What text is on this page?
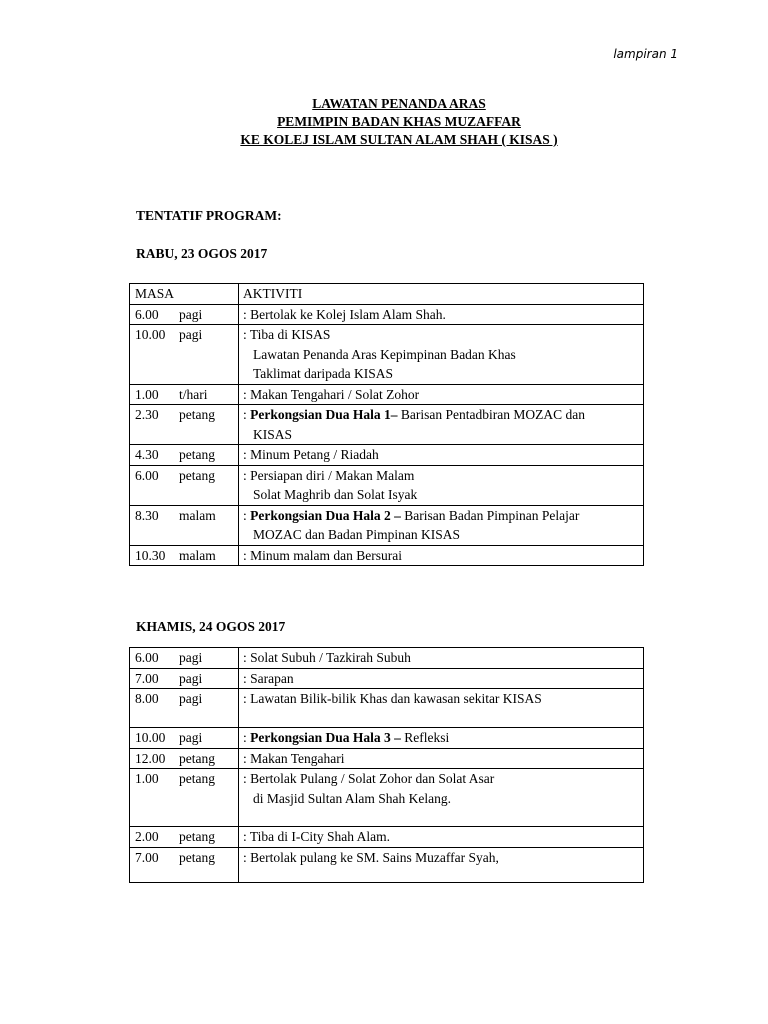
lampiran 1
LAWATAN PENANDA ARAS
PEMIMPIN BADAN KHAS MUZAFFAR
KE KOLEJ ISLAM SULTAN ALAM SHAH ( KISAS )
TENTATIF PROGRAM:
RABU, 23 OGOS 2017
MASA	AKTIVITI
6.00 pagi	: Bertolak ke Kolej Islam Alam Shah.
10.00 pagi	: Tiba di KISAS
	Lawatan Penanda Aras Kepimpinan Badan Khas
	Taklimat daripada KISAS
1.00 t/hari	: Makan Tengahari / Solat Zohor
2.30 petang	: Perkongsian Dua Hala 1– Barisan Pentadbiran MOZAC dan
	KISAS
4.30 petang	: Minum Petang / Riadah
6.00 petang	: Persiapan diri / Makan Malam
	Solat Maghrib dan Solat Isyak
8.30 malam	: Perkongsian Dua Hala 2 – Barisan Badan Pimpinan Pelajar
	MOZAC dan Badan Pimpinan KISAS
10.30 malam	: Minum malam dan Bersurai
KHAMIS, 24 OGOS 2017
6.00 pagi	: Solat Subuh / Tazkirah Subuh
7.00 pagi	: Sarapan
8.00 pagi	: Lawatan Bilik-bilik Khas dan kawasan sekitar KISAS
10.00 pagi	: Perkongsian Dua Hala 3 – Refleksi
12.00 petang	: Makan Tengahari
1.00 petang	: Bertolak Pulang / Solat Zohor dan Solat Asar
di Masjid Sultan Alam Shah Kelang.

2.00 petang	: Tiba di I-City Shah Alam.
7.00 petang	: Bertolak pulang ke SM. Sains Muzaffar Syah,
